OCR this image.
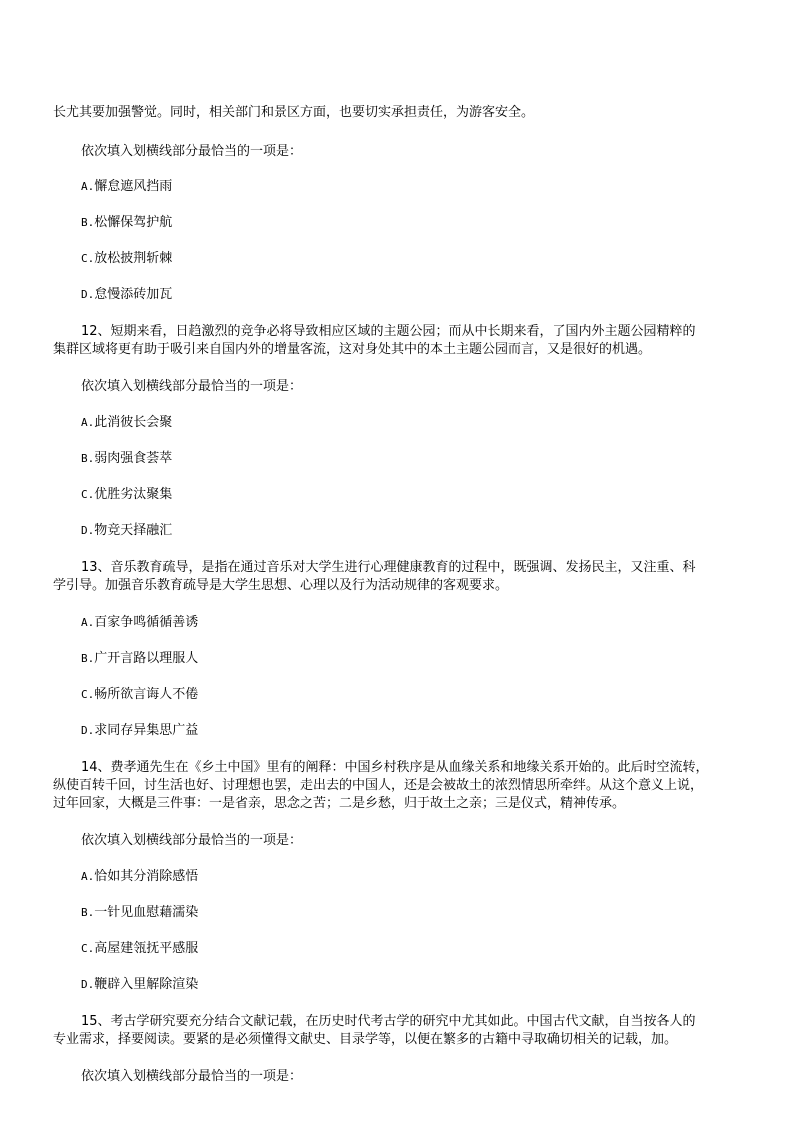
长尤其要加强警觉。同时，相关部门和景区方面，也要切实承担责任，为游客安全。
依次填入划横线部分最恰当的一项是：
A.懈怠遮风挡雨
B.松懈保驾护航
C.放松披荆斩棘
D.怠慢添砖加瓦
12、短期来看，日趋激烈的竞争必将导致相应区域的主题公园；而从中长期来看，了国内外主题公园精粹的
集群区域将更有助于吸引来自国内外的增量客流，这对身处其中的本土主题公园而言，又是很好的机遇。
依次填入划横线部分最恰当的一项是：
A.此消彼长会聚
B.弱肉强食荟萃
C.优胜劣汰聚集
D.物竞天择融汇
13、音乐教育疏导，是指在通过音乐对大学生进行心理健康教育的过程中，既强调、发扬民主，又注重、科
学引导。加强音乐教育疏导是大学生思想、心理以及行为活动规律的客观要求。
A.百家争鸣循循善诱
B.广开言路以理服人
C.畅所欲言诲人不倦
D.求同存异集思广益
14、费孝通先生在《乡土中国》里有的阐释：中国乡村秩序是从血缘关系和地缘关系开始的。此后时空流转，
纵使百转千回，讨生活也好、讨理想也罢，走出去的中国人，还是会被故土的浓烈情思所牵绊。从这个意义上说，
过年回家，大概是三件事：一是省亲，思念之苦；二是乡愁，归于故土之亲；三是仪式，精神传承。
依次填入划横线部分最恰当的一项是：
A.恰如其分消除感悟
B.一针见血慰藉濡染
C.高屋建瓴抚平感服
D.鞭辟入里解除渲染
15、考古学研究要充分结合文献记载，在历史时代考古学的研究中尤其如此。中国古代文献，自当按各人的
专业需求，择要阅读。要紧的是必须懂得文献史、目录学等，以便在繁多的古籍中寻取确切相关的记载，加。
依次填入划横线部分最恰当的一项是：
